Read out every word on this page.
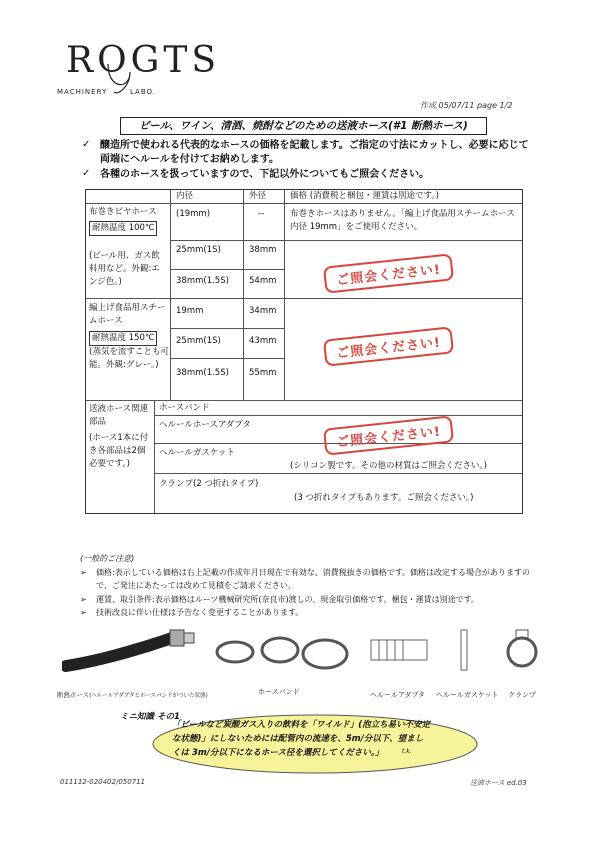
ROGTS
MACHINERY	LABO.
作成 05/07/11 page 1/2
ビール、ワイン、清酒、焼酎などのための送液ホース(#1 断熱ホース)
✓ 醸造所で使われる代表的なホースの価格を記載します。ご指定の寸法にカットし、必要に応じて
両端にヘルールを付けてお納めします。
✓ 各種のホースを扱っていますので、下記以外についてもご照会ください。
内径	外径	価格 (消費税と梱包・運賃は別途です。)
布巻きビヤホース
耐熱温度 100℃
(ビール用、ガス飲料用など。外観:エンジ色。)
(19mm)	--	布巻きホースはありません。「編上げ食品用スチームホース内径 19mm」をご使用ください。
25mm(1S)	38mm
38mm(1.5S) 54mm
編上げ食品用スチームホース
耐熱温度 150℃
(蒸気を流すことも可能。外観:グレー。)
19mm	34mm
25mm(1S)	43mm
38mm(1.5S) 55mm
送液ホース関連部品
(ホース1本に付き各部品は2個必要です。)
ホースバンド
ヘルールホースアダプタ
ヘルールガスケット
(シリコン製です。その他の材質はご照会ください。)
クランプ(2 つ折れタイプ)
(3 つ折れタイプもあります。ご照会ください。)
ご照会ください!
ご照会ください!
ご照会ください!
(一般的ご注意)
➢ 価格:表示している価格は右上記載の作成年月日現在で有効な、消費税抜きの価格です。価格は改定する場合がありますので、ご発注にあたっては改めて見積をご請求ください。
➢ 運賃、取引条件:表示価格はルーツ機械研究所(奈良市)渡しの、現金取引価格です。梱包・運賃は別途です。
➢ 技術改良に伴い仕様は予告なく変更することがあります。
断熱ホース(ヘルールアダプタとホースバンドがついた状態)	ホースバンド	ヘルールアダプタ ヘルールガスケット クランプ
ミニ知識 その1
「ビールなど炭酸ガス入りの飲料を「ワイルド」(泡立ち易い不安定
な状態)」にしないためには配管内の流速を、5m/分以下、望まし
くは 3m/分以下になるホース径を選択してください。」	t.k.
011112-020402/050711	送液ホース ed.03
